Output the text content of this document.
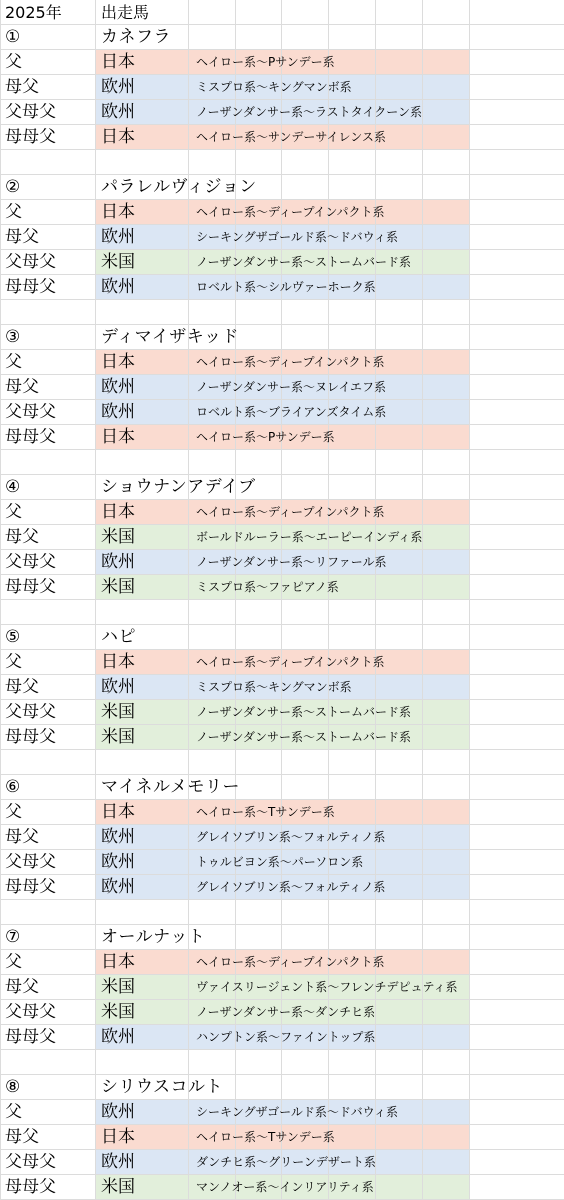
2025年 出走馬
①	カネフラ
父	日本	ヘイロー系〜Pサンデー系
母父	欧州	ミスプロ系〜キングマンボ系
父母父	欧州	ノーザンダンサー系〜ラストタイクーン系
母母父	日本	ヘイロー系〜サンデーサイレンス系
②	パラレルヴィジョン
父	日本	ヘイロー系〜ディープインパクト系
母父	欧州	シーキングザゴールド系〜ドバウィ系
父母父	米国	ノーザンダンサー系〜ストームバード系
母母父	欧州	ロベルト系〜シルヴァーホーク系
③	ディマイザキッド
父	日本	ヘイロー系〜ディープインパクト系
母父	欧州	ノーザンダンサー系〜ヌレイエフ系
父母父	欧州	ロベルト系〜ブライアンズタイム系
母母父	日本	ヘイロー系〜Pサンデー系
④	ショウナンアデイブ
父	日本	ヘイロー系〜ディープインパクト系
母父	米国	ボールドルーラー系〜エーピーインディ系
父母父	欧州	ノーザンダンサー系〜リファール系
母母父	米国	ミスプロ系〜ファピアノ系
⑤	ハピ
父	日本	ヘイロー系〜ディープインパクト系
母父	欧州	ミスプロ系〜キングマンボ系
父母父	米国	ノーザンダンサー系〜ストームバード系
母母父	米国	ノーザンダンサー系〜ストームバード系
⑥	マイネルメモリー
父	日本	ヘイロー系〜Tサンデー系
母父	欧州	グレイソブリン系〜フォルティノ系
父母父	欧州	トゥルビヨン系〜パーソロン系
母母父	欧州	グレイソブリン系〜フォルティノ系
⑦	オールナット
父	日本	ヘイロー系〜ディープインパクト系
母父	米国	ヴァイスリージェント系〜フレンチデピュティ系
父母父	米国	ノーザンダンサー系〜ダンチヒ系
母母父	欧州	ハンプトン系〜ファイントップ系
⑧	シリウスコルト
父	欧州	シーキングザゴールド系〜ドバウィ系
母父	日本	ヘイロー系〜Tサンデー系
父母父	欧州	ダンチヒ系〜グリーンデザート系
母母父	米国	マンノオー系〜インリアリティ系
